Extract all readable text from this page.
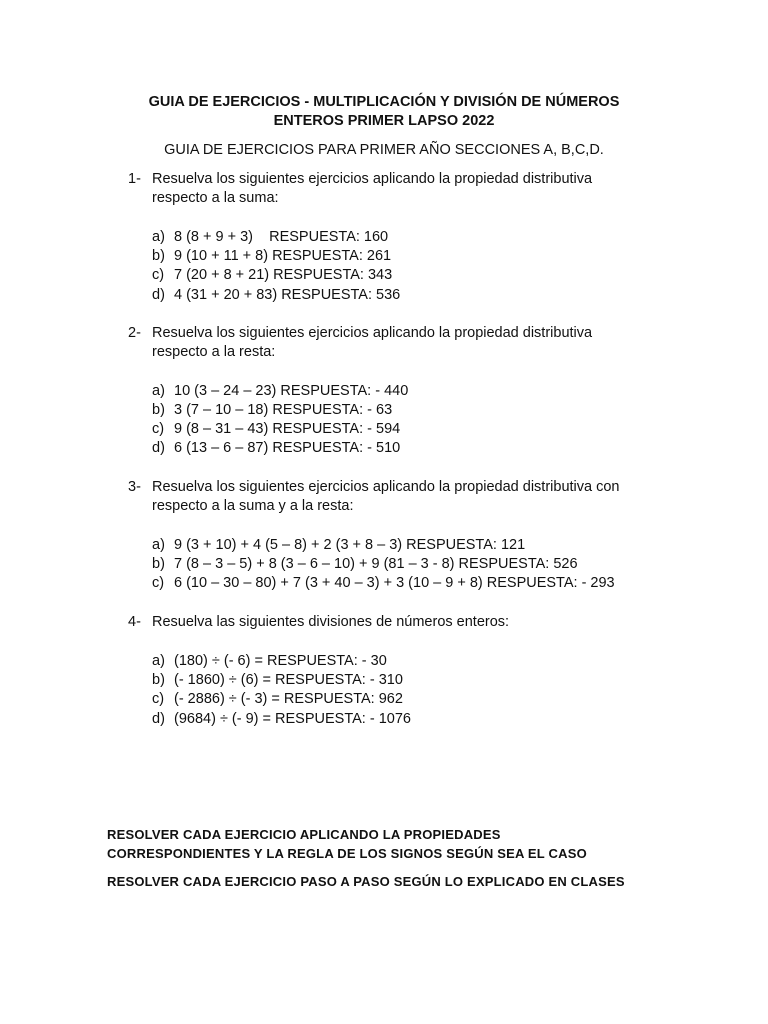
GUIA DE EJERCICIOS - MULTIPLICACIÓN Y DIVISIÓN DE NÚMEROS
ENTEROS PRIMER LAPSO 2022
GUIA DE EJERCICIOS PARA PRIMER AÑO SECCIONES A, B,C,D.
1- Resuelva los siguientes ejercicios aplicando la propiedad distributiva
respecto a la suma:
a) 8 (8 + 9 + 3)    RESPUESTA: 160
b) 9 (10 + 11 + 8) RESPUESTA: 261
c) 7 (20 + 8 + 21) RESPUESTA: 343
d) 4 (31 + 20 + 83) RESPUESTA: 536
2- Resuelva los siguientes ejercicios aplicando la propiedad distributiva
respecto a la resta:
a) 10 (3 – 24 – 23) RESPUESTA: - 440
b) 3 (7 – 10 – 18) RESPUESTA: - 63
c) 9 (8 – 31 – 43) RESPUESTA: - 594
d) 6 (13 – 6 – 87) RESPUESTA: - 510
3- Resuelva los siguientes ejercicios aplicando la propiedad distributiva con
respecto a la suma y a la resta:
a) 9 (3 + 10) + 4 (5 – 8) + 2 (3 + 8 – 3) RESPUESTA: 121
b) 7 (8 – 3 – 5) + 8 (3 – 6 – 10) + 9 (81 – 3 - 8) RESPUESTA: 526
c) 6 (10 – 30 – 80) + 7 (3 + 40 – 3) + 3 (10 – 9 + 8) RESPUESTA: - 293
4- Resuelva las siguientes divisiones de números enteros:
a) (180) ÷ (- 6) = RESPUESTA: - 30
b) (- 1860) ÷ (6) = RESPUESTA: - 310
c) (- 2886) ÷ (- 3) = RESPUESTA: 962
d) (9684) ÷ (- 9) = RESPUESTA: - 1076
RESOLVER CADA EJERCICIO APLICANDO LA PROPIEDADES
CORRESPONDIENTES Y LA REGLA DE LOS SIGNOS SEGÚN SEA EL CASO
RESOLVER CADA EJERCICIO PASO A PASO SEGÚN LO EXPLICADO EN CLASES
